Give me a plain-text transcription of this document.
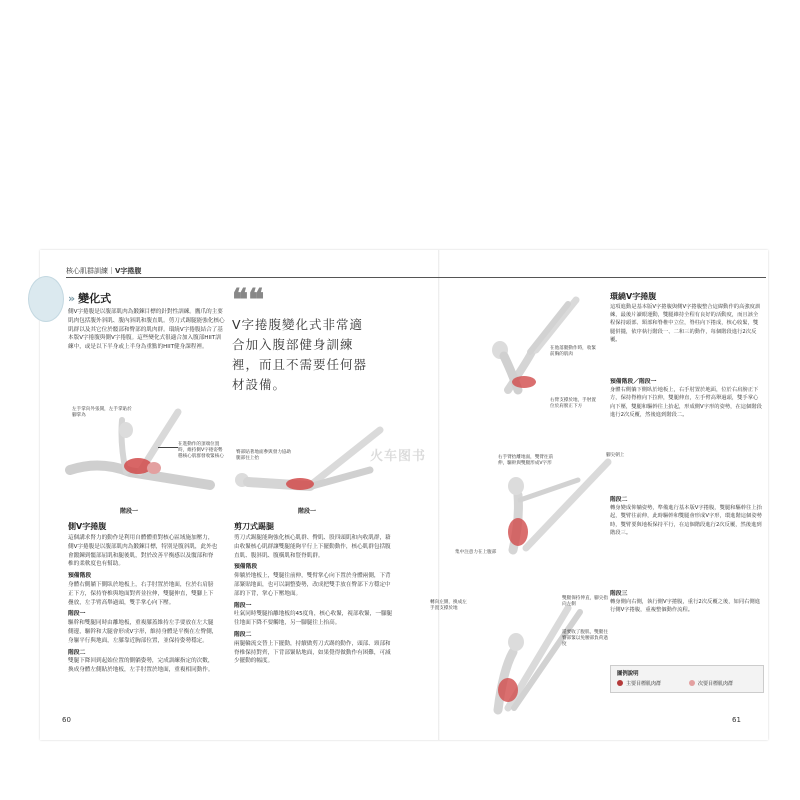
核心肌群訓練｜V字捲腹
» 變化式
側V字捲腹是以腹部肌肉為鍛鍊目標的針對性訓練。鷹爪的主要肌肉包括腹外斜肌、腹內斜肌和腹直肌。剪刀式踢腿能強化核心肌群以及其它位於髖部和臀部的肌肉群。環繞V字捲腹結合了基本版V字捲腹與側V字捲腹。這些變化式很適合加入腹部HIIT訓練中，或是以下半身或上半身為重點的HIIT健身課程裡。
❝❝
V字捲腹變化式非常適合加入腹部健身訓練裡，而且不需要任何器材設備。
左手掌向外張開，左手掌貼於腳掌為
在進動作的頂端位置時，維持側V字捲姿勢穩核心肌群發收緊核心
階段一
臀部貼著地面參與發力協助腿部往上抬
階段一
側V字捲腹
這個講求腎力的動作是利用自體體重對核心區域施加壓力，側V字捲腹是以腹部肌肉為鍛鍊目標，特別是腹斜肌，此外也會鍛鍊到髖部屈肌和腿後肌，對於改善平衡感以及髖部和脊椎的柔軟度也有幫助。
預備階段
身體右側躺下側臥於地板上，右手肘置於地面，位於右肩膀正下方，保持脊椎與地面對齊並拉伸，雙腿伸直，雙腳上下疊放，左手臂高舉過頭，雙手掌心向下壓。
階段一
驅幹和雙腿同時由離地板，重複膝蓋維持左手要放在左大腿側邊，驅幹和大腿會形成V字形，維持身體是平衡在左臀側，身軀平行與地面，左膝靠近胸部位置，並保持姿勢穩定。
階段二
雙腿下降回到起始位置的側躺姿勢，完成訓練指定的次數，換成身體左側貼於地板，左手肘置於地面，重複相同動作。
剪刀式踢腿
剪刀式踢腿能夠強化核心肌群、臀肌、股四頭肌和內收肌群，藉由收緊核心肌群讓雙腿能夠平行上下擺動動作，核心肌群包括腹直肌、腹斜肌、腹橫肌和豎脊肌群。
預備階段
仰躺於地板上，雙腿往前伸，雙臂掌心向下置於身體兩側，下背部緊貼地面，也可以調整姿勢，改成把雙手放在臀部下方穩定中部的下背，掌心下壓地面。
階段一
吐氣同時雙腿抬離地板約45度角，核心收緊，視部收緊，一腳腿往地面下降不要觸地，另一腳腿往上抬高。
階段二
兩腿輪流交替上下擺動，持續做剪刀式踢的動作，頭部、頸部和脊椎保持對齊，下背部緊貼地面，如果覺得做動作有困難，可減少擺動的幅度。
60
在他落腿動作時，收緊前胸的肌肉
右臂支撐於地，手肘置位於肩膀正下方
右手臂抬離地面，雙臂往前伸，驅幹與雙腿形成V字形
集中注意力在上腹部
腳尖朝上
轉向左側，換成左手置支撐於地
雙腿保持伸直，腳尖指向左側
還要收了腹肌，雙腿往臀部緊以免腰部負荷過度
環繞V字捲腹
這項進動是基本版V字捲腹與側V字捲腹整合這緯動作的高強度訓練，最後片讀眼運動，雙腿維持全程有良好的活動度，而且該全程保持頭部、頸部和脊椎中立位，脊柱向下捲成，核心收緊，雙腿併攏，依序執行階段一、二和三的動作，每個階段進行2次反覆。
預備階段／階段一
身體右側躺下側臥於地板上，右手肘置於地面，位於右肩膀正下方，保持脊椎向下拉伸，雙腿伸直，左手臂高舉過頭，雙手掌心向下壓，雙腿和驅幹往上抬起，形成側V字形的姿勢，在這個階段進行2次反覆，然後進到階段二。
階段二
轉身變成仰躺姿勢，準備進行基本版V字捲腹，雙腿和驅幹往上抬起，雙臂往前伸，此時驅幹和雙腿會形成V字形，環進階這個姿勢時，雙臂要與地板保持平行，在這個階段進行2次反覆，然後進到階段三。
階段三
轉身側向右側，執行側V字捲腹，重行2次反覆之後，如同右側進行側V字捲腹，重複整個動作流程。
圖例說明
主要目標肌肉群	次要目標肌肉群
61
火车图书
